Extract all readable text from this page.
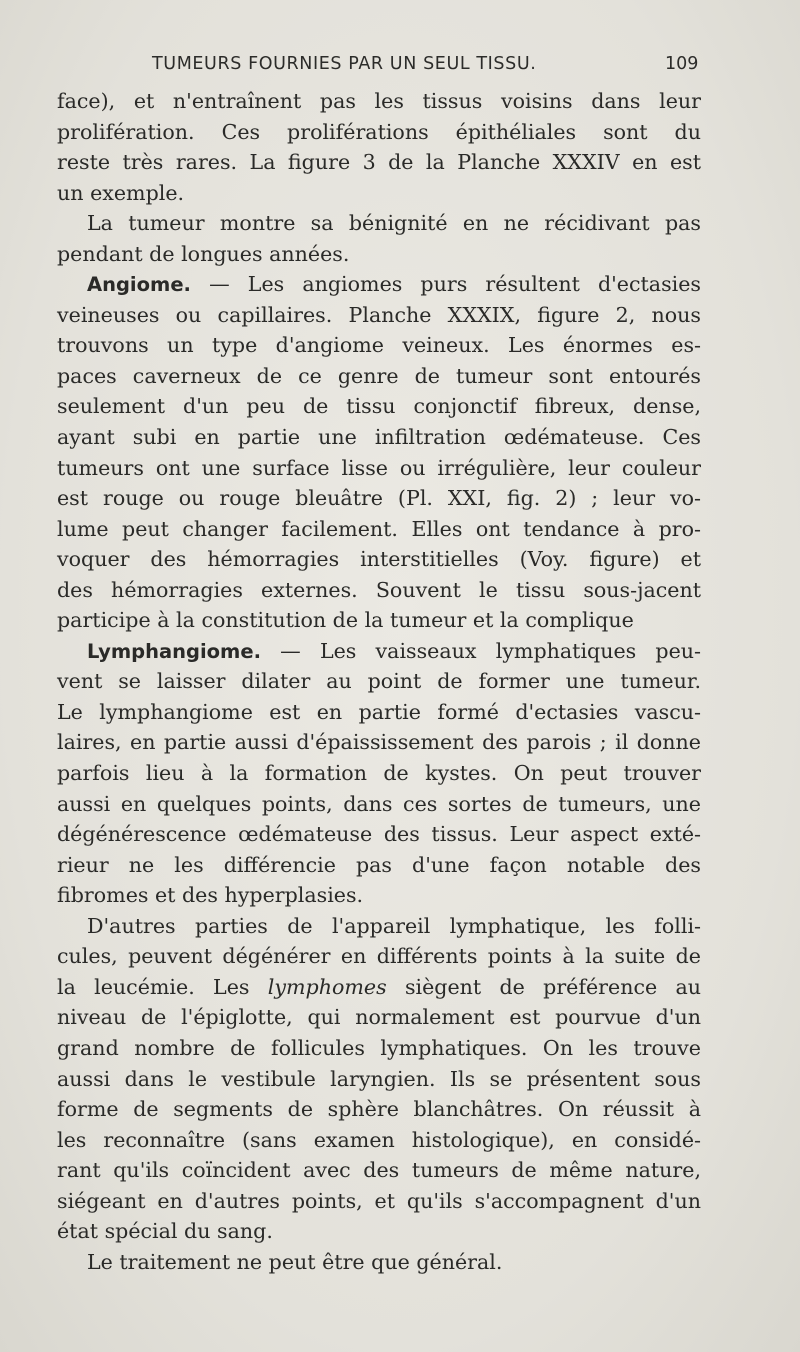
TUMEURS FOURNIES PAR UN SEUL TISSU.	109
face), et n'entraînent pas les tissus voisins dans leur
prolifération. Ces proliférations épithéliales sont du
reste très rares. La figure 3 de la Planche XXXIV en est
un exemple.
La tumeur montre sa bénignité en ne récidivant pas
pendant de longues années.
Angiome. — Les angiomes purs résultent d'ectasies
veineuses ou capillaires. Planche XXXIX, figure 2, nous
trouvons un type d'angiome veineux. Les énormes es-
paces caverneux de ce genre de tumeur sont entourés
seulement d'un peu de tissu conjonctif fibreux, dense,
ayant subi en partie une infiltration œdémateuse. Ces
tumeurs ont une surface lisse ou irrégulière, leur couleur
est rouge ou rouge bleuâtre (Pl. XXI, fig. 2) ; leur vo-
lume peut changer facilement. Elles ont tendance à pro-
voquer des hémorragies interstitielles (Voy. figure) et
des hémorragies externes. Souvent le tissu sous-jacent
participe à la constitution de la tumeur et la complique
Lymphangiome. — Les vaisseaux lymphatiques peu-
vent se laisser dilater au point de former une tumeur.
Le lymphangiome est en partie formé d'ectasies vascu-
laires, en partie aussi d'épaississement des parois ; il donne
parfois lieu à la formation de kystes. On peut trouver
aussi en quelques points, dans ces sortes de tumeurs, une
dégénérescence œdémateuse des tissus. Leur aspect exté-
rieur ne les différencie pas d'une façon notable des
fibromes et des hyperplasies.
D'autres parties de l'appareil lymphatique, les folli-
cules, peuvent dégénérer en différents points à la suite de
la leucémie. Les lymphomes siègent de préférence au
niveau de l'épiglotte, qui normalement est pourvue d'un
grand nombre de follicules lymphatiques. On les trouve
aussi dans le vestibule laryngien. Ils se présentent sous
forme de segments de sphère blanchâtres. On réussit à
les reconnaître (sans examen histologique), en considé-
rant qu'ils coïncident avec des tumeurs de même nature,
siégeant en d'autres points, et qu'ils s'accompagnent d'un
état spécial du sang.
Le traitement ne peut être que général.
